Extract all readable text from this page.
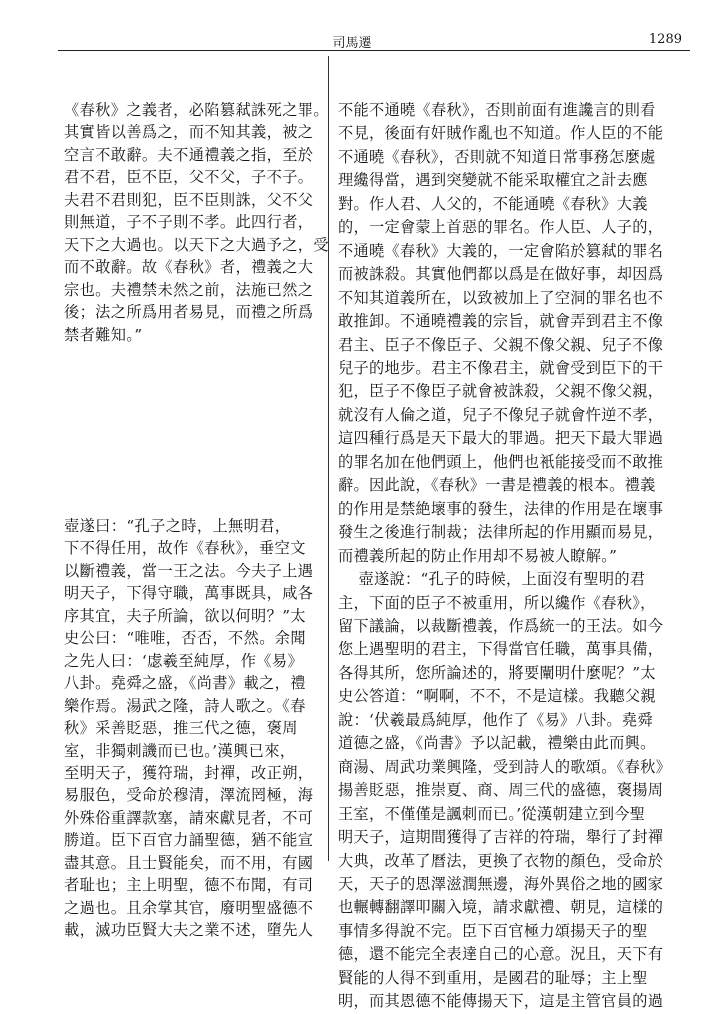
司馬遷	1289

《春秋》之義者，必陷篡弒誅死之罪。

其實皆以善爲之，而不知其義，被之

空言不敢辭。夫不通禮義之指，至於

君不君，臣不臣，父不父，子不子。

夫君不君則犯，臣不臣則誅，父不父

則無道，子不子則不孝。此四行者，

天下之大過也。以天下之大過予之，受

而不敢辭。故《春秋》者，禮義之大

宗也。夫禮禁未然之前，法施已然之

後；法之所爲用者易見，而禮之所爲

禁者難知。”

壺遂曰：“孔子之時，上無明君，

下不得任用，故作《春秋》，垂空文

以斷禮義，當一王之法。今夫子上遇

明天子，下得守職，萬事既具，咸各

序其宜，夫子所論，欲以何明？”太

史公曰：“唯唯，否否，不然。余聞

之先人曰：‘虙羲至純厚，作《易》

八卦。堯舜之盛，《尚書》載之，禮

樂作焉。湯武之隆，詩人歌之。《春

秋》采善貶惡，推三代之德，褒周

室，非獨刺譏而已也。’漢興已來，

至明天子，獲符瑞，封禪，改正朔，

易服色，受命於穆清，澤流罔極，海

外殊俗重譯款塞，請來獻見者，不可

勝道。臣下百官力誦聖德，猶不能宣

盡其意。且士賢能矣，而不用，有國

者耻也；主上明聖，德不布聞，有司

之過也。且余掌其官，廢明聖盛德不

載，滅功臣賢大夫之業不述，墮先人

不能不通曉《春秋》，否則前面有進讒言的則看

不見，後面有奸賊作亂也不知道。作人臣的不能

不通曉《春秋》，否則就不知道日常事務怎麼處

理纔得當，遇到突變就不能采取權宜之計去應

對。作人君、人父的，不能通曉《春秋》大義

的，一定會蒙上首惡的罪名。作人臣、人子的，

不通曉《春秋》大義的，一定會陷於篡弒的罪名

而被誅殺。其實他們都以爲是在做好事，却因爲

不知其道義所在，以致被加上了空洞的罪名也不

敢推卸。不通曉禮義的宗旨，就會弄到君主不像

君主、臣子不像臣子、父親不像父親、兒子不像

兒子的地步。君主不像君主，就會受到臣下的干

犯，臣子不像臣子就會被誅殺，父親不像父親，

就沒有人倫之道，兒子不像兒子就會忤逆不孝，

這四種行爲是天下最大的罪過。把天下最大罪過

的罪名加在他們頭上，他們也衹能接受而不敢推

辭。因此說，《春秋》一書是禮義的根本。禮義

的作用是禁絶壞事的發生，法律的作用是在壞事

發生之後進行制裁；法律所起的作用顯而易見，

而禮義所起的防止作用却不易被人瞭解。”

壺遂說：“孔子的時候，上面沒有聖明的君

主，下面的臣子不被重用，所以纔作《春秋》，

留下議論，以裁斷禮義，作爲統一的王法。如今

您上遇聖明的君主，下得當官任職，萬事具備，

各得其所，您所論述的，將要闡明什麼呢？”太

史公答道：“啊啊，不不，不是這樣。我聽父親

說：‘伏羲最爲純厚，他作了《易》八卦。堯舜

道德之盛，《尚書》予以記載，禮樂由此而興。

商湯、周武功業興隆，受到詩人的歌頌。《春秋》

揚善貶惡，推崇夏、商、周三代的盛德，褒揚周

王室，不僅僅是諷刺而已。’從漢朝建立到今聖

明天子，這期間獲得了吉祥的符瑞，舉行了封禪

大典，改革了曆法，更換了衣物的顏色，受命於

天，天子的恩澤滋潤無邊，海外異俗之地的國家

也輾轉翻譯叩關入境，請求獻禮、朝見，這樣的

事情多得說不完。臣下百官極力頌揚天子的聖

德，還不能完全表達自己的心意。況且，天下有

賢能的人得不到重用，是國君的耻辱；主上聖

明，而其恩德不能傳揚天下，這是主管官員的過
